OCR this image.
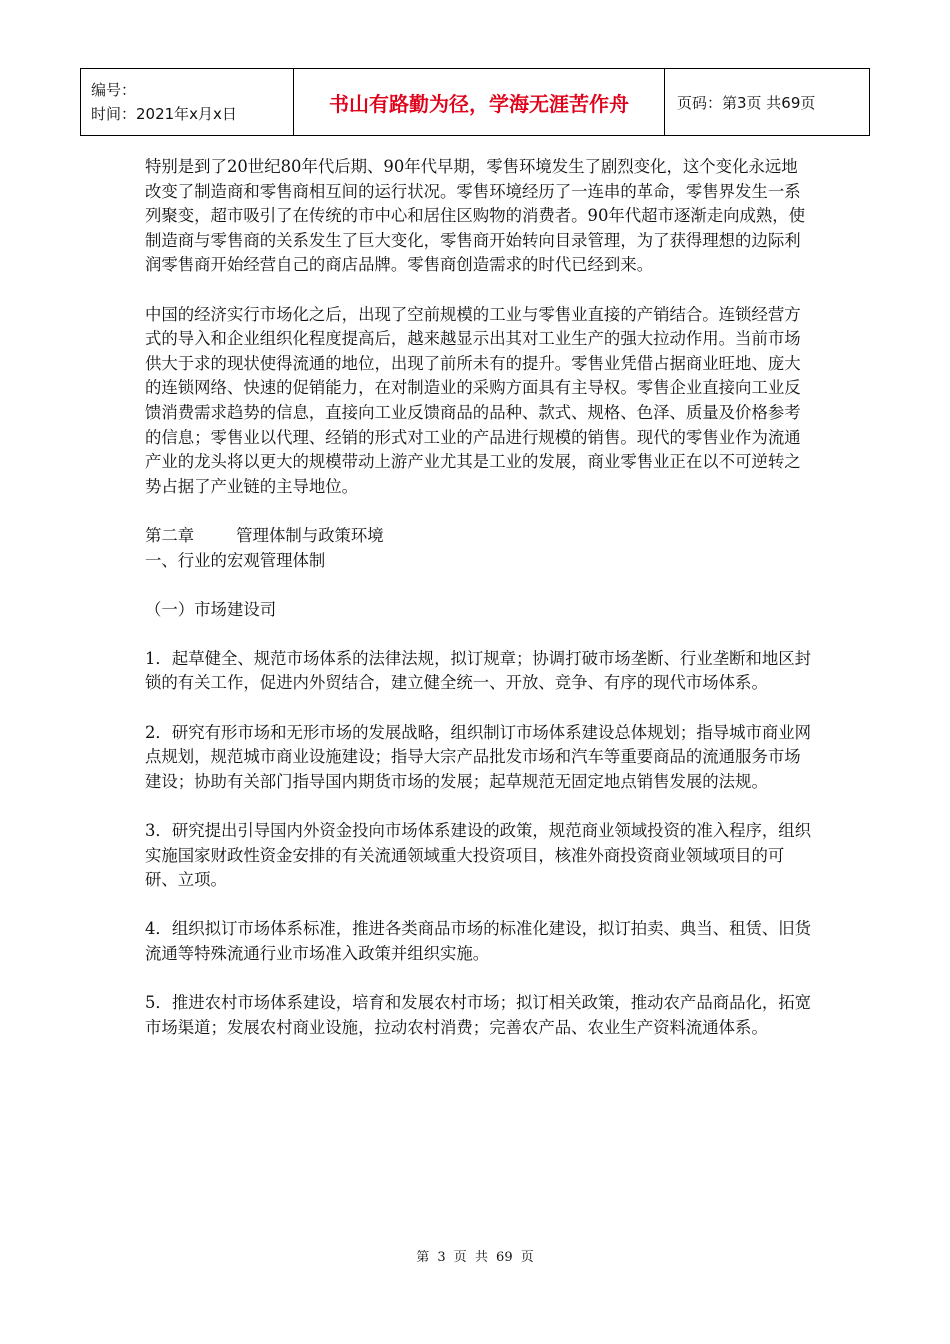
编号：
时间：2021年x月x日	书山有路勤为径，学海无涯苦作舟	页码：第3页 共69页

特别是到了20世纪80年代后期、90年代早期，零售环境发生了剧烈变化，这个变化永远地改变了制造商和零售商相互间的运行状况。零售环境经历了一连串的革命，零售界发生一系列聚变，超市吸引了在传统的市中心和居住区购物的消费者。90年代超市逐渐走向成熟，使制造商与零售商的关系发生了巨大变化，零售商开始转向目录管理，为了获得理想的边际利润零售商开始经营自己的商店品牌。零售商创造需求的时代已经到来。

中国的经济实行市场化之后，出现了空前规模的工业与零售业直接的产销结合。连锁经营方式的导入和企业组织化程度提高后，越来越显示出其对工业生产的强大拉动作用。当前市场供大于求的现状使得流通的地位，出现了前所未有的提升。零售业凭借占据商业旺地、庞大的连锁网络、快速的促销能力，在对制造业的采购方面具有主导权。零售企业直接向工业反馈消费需求趋势的信息，直接向工业反馈商品的品种、款式、规格、色泽、质量及价格参考的信息；零售业以代理、经销的形式对工业的产品进行规模的销售。现代的零售业作为流通产业的龙头将以更大的规模带动上游产业尤其是工业的发展，商业零售业正在以不可逆转之势占据了产业链的主导地位。

第二章	管理体制与政策环境

一、行业的宏观管理体制

（一）市场建设司

1．起草健全、规范市场体系的法律法规，拟订规章；协调打破市场垄断、行业垄断和地区封锁的有关工作，促进内外贸结合，建立健全统一、开放、竞争、有序的现代市场体系。

2．研究有形市场和无形市场的发展战略，组织制订市场体系建设总体规划；指导城市商业网点规划，规范城市商业设施建设；指导大宗产品批发市场和汽车等重要商品的流通服务市场建设；协助有关部门指导国内期货市场的发展；起草规范无固定地点销售发展的法规。

3．研究提出引导国内外资金投向市场体系建设的政策，规范商业领域投资的准入程序，组织实施国家财政性资金安排的有关流通领域重大投资项目，核准外商投资商业领域项目的可研、立项。

4．组织拟订市场体系标准，推进各类商品市场的标准化建设，拟订拍卖、典当、租赁、旧货流通等特殊流通行业市场准入政策并组织实施。

5．推进农村市场体系建设，培育和发展农村市场；拟订相关政策，推动农产品商品化，拓宽市场渠道；发展农村商业设施，拉动农村消费；完善农产品、农业生产资料流通体系。

第 3 页 共 69 页
